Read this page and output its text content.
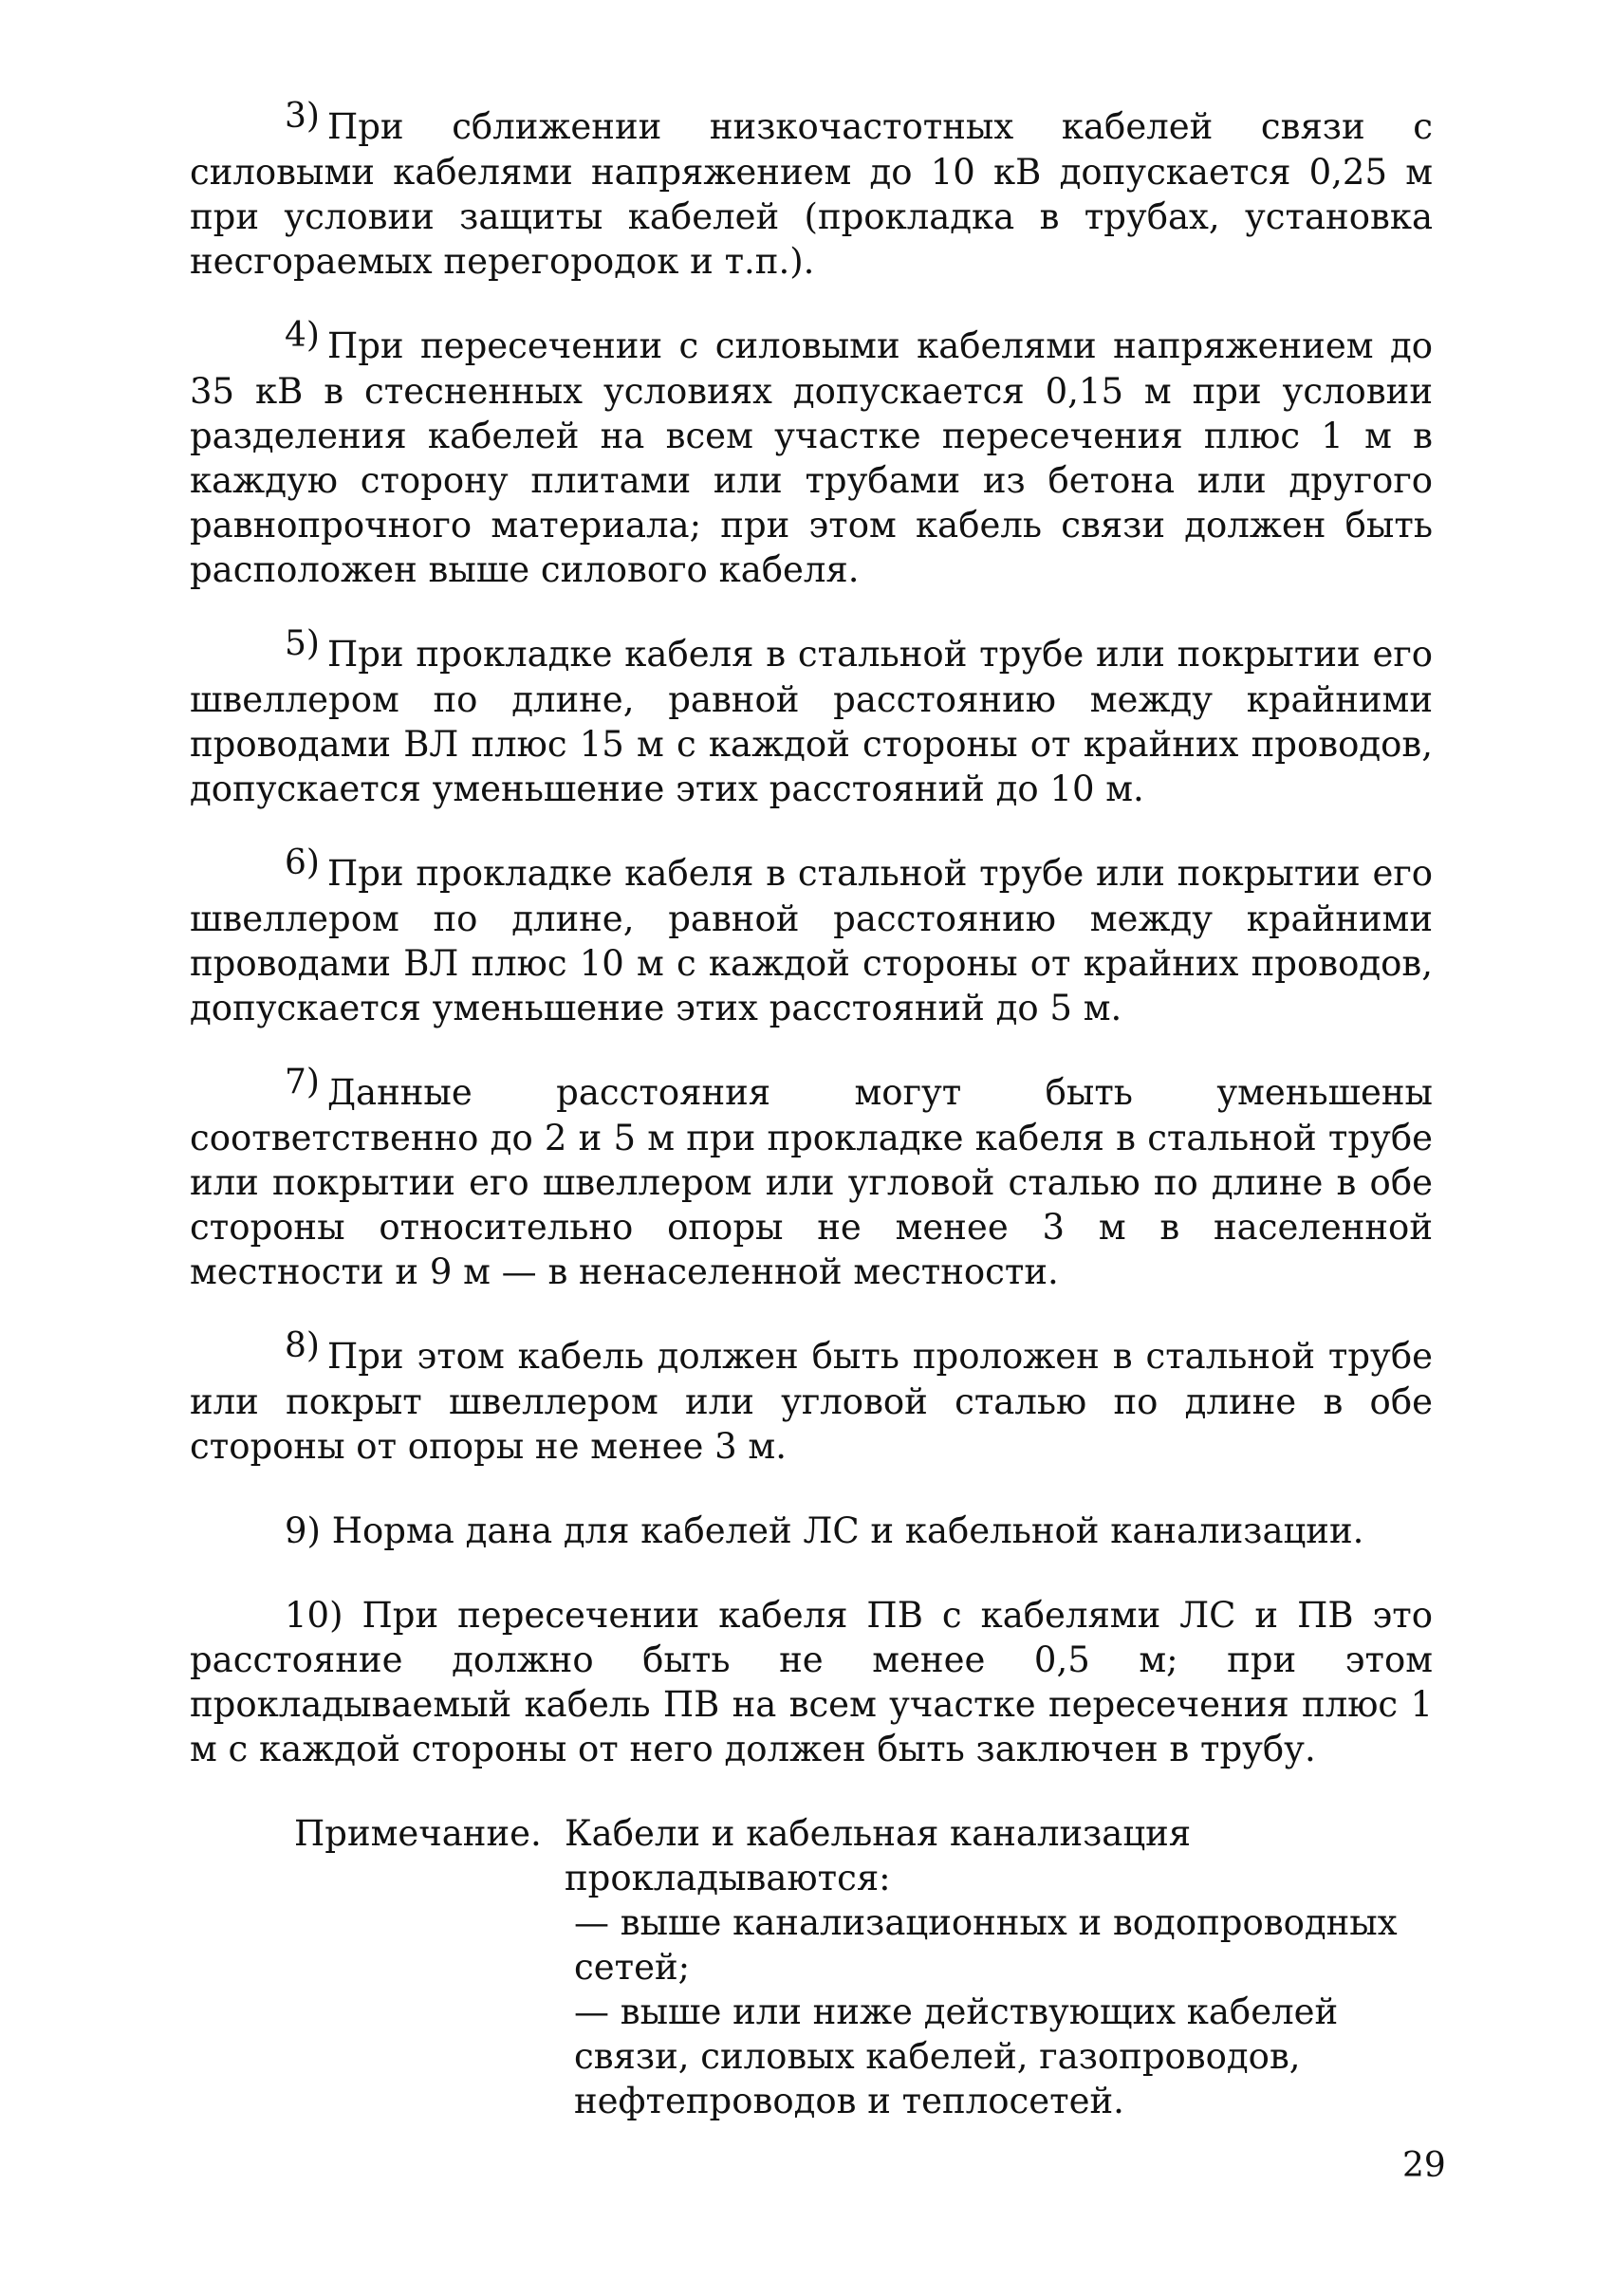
3) При сближении низкочастотных кабелей связи с силовыми кабелями напряжением до 10 кВ допускается 0,25 м при условии защиты кабелей (прокладка в трубах, установка несгораемых перегородок и т.п.).

4) При пересечении с силовыми кабелями напряжением до 35 кВ в стесненных условиях допускается 0,15 м при условии разделения кабелей на всем участке пересечения плюс 1 м в каждую сторону плитами или трубами из бетона или другого равнопрочного материала; при этом кабель связи должен быть расположен выше силового кабеля.

5) При прокладке кабеля в стальной трубе или покрытии его швеллером по длине, равной расстоянию между крайними проводами ВЛ плюс 15 м с каждой стороны от крайних проводов, допускается уменьшение этих расстояний до 10 м.

6) При прокладке кабеля в стальной трубе или покрытии его швеллером по длине, равной расстоянию между крайними проводами ВЛ плюс 10 м с каждой стороны от крайних проводов, допускается уменьшение этих расстояний до 5 м.

7) Данные расстояния могут быть уменьшены соответственно до 2 и 5 м при прокладке кабеля в стальной трубе или покрытии его швеллером или угловой сталью по длине в обе стороны относительно опоры не менее 3 м в населенной местности и 9 м — в ненаселенной местности.

8) При этом кабель должен быть проложен в стальной трубе или покрыт швеллером или угловой сталью по длине в обе стороны от опоры не менее 3 м.

9) Норма дана для кабелей ЛС и кабельной канализации.

10) При пересечении кабеля ПВ с кабелями ЛС и ПВ это расстояние должно быть не менее 0,5 м; при этом прокладываемый кабель ПВ на всем участке пересечения плюс 1 м с каждой стороны от него должен быть заключен в трубу.

Примечание. Кабели и кабельная канализация прокладываются:
— выше канализационных и водопроводных сетей;
— выше или ниже действующих кабелей связи, силовых кабелей, газопроводов, нефтепроводов и теплосетей.
29
